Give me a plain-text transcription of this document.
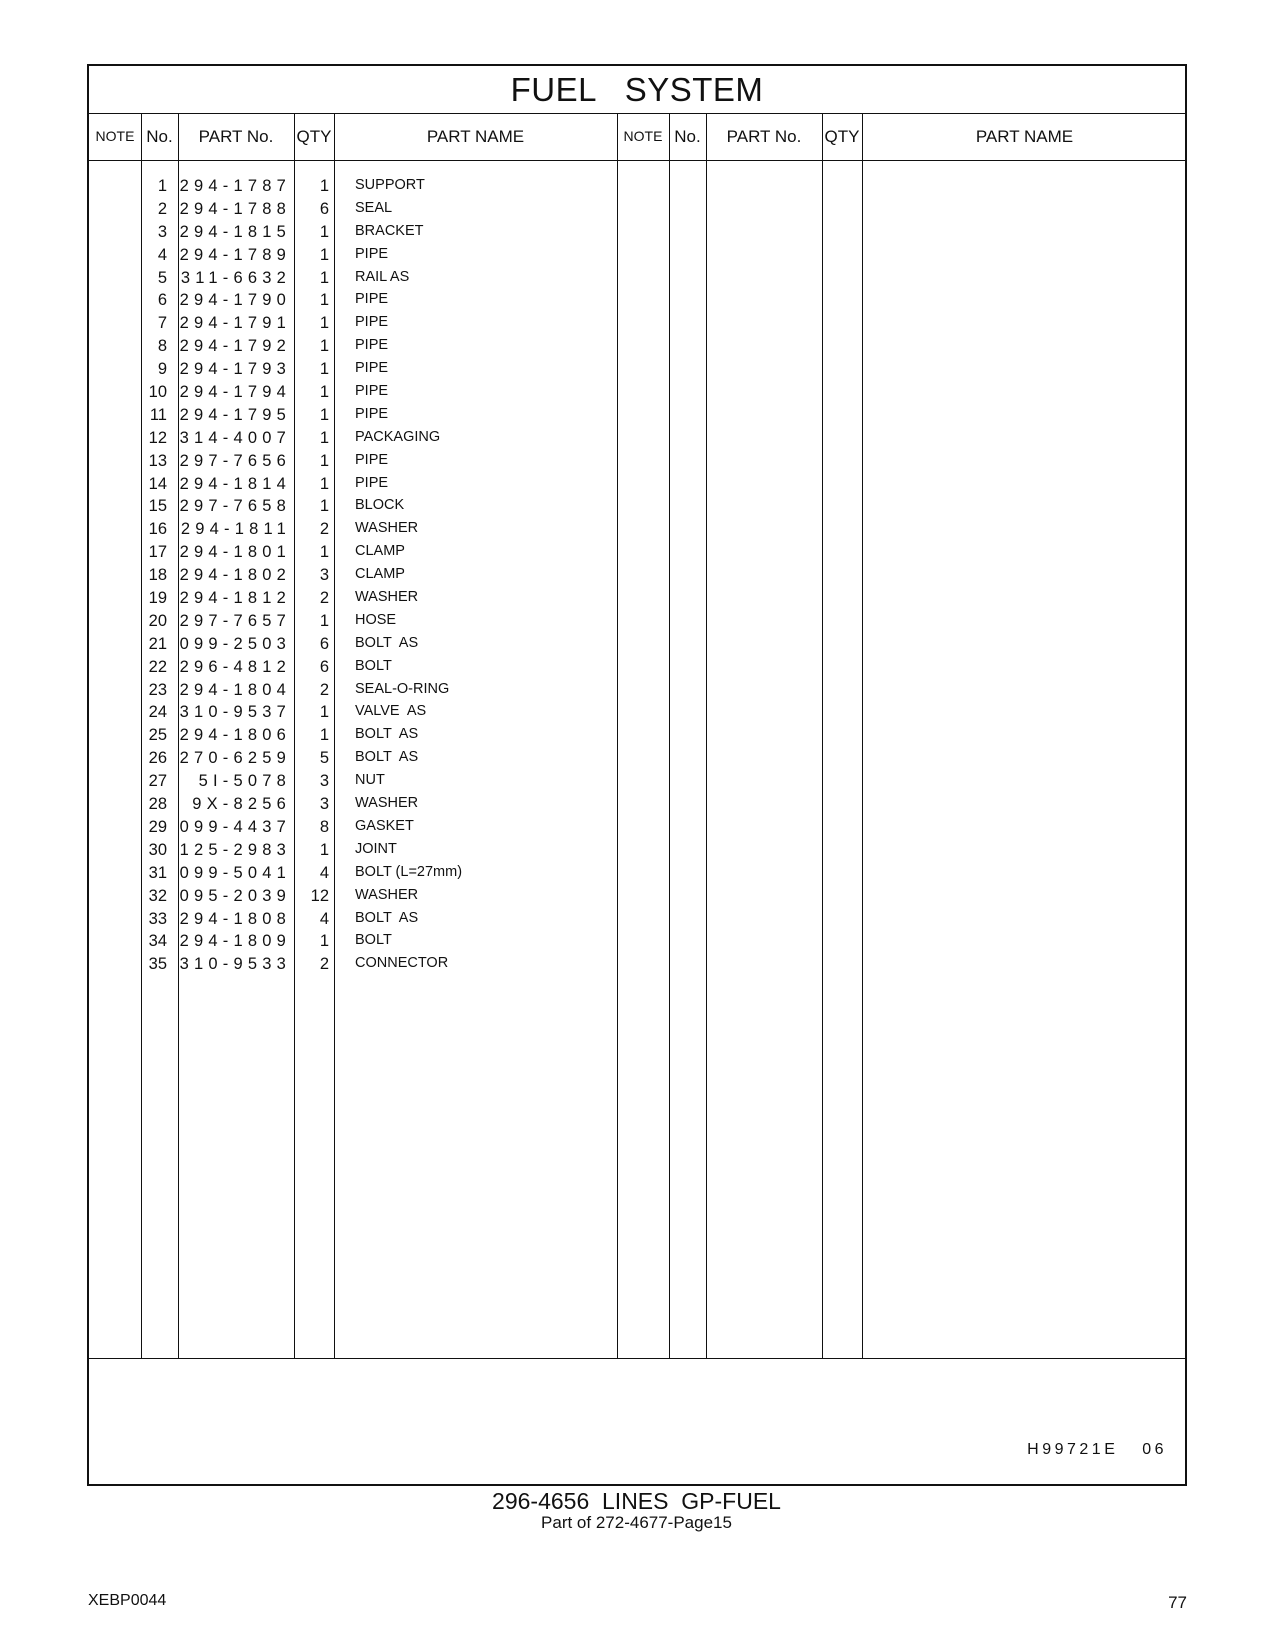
FUEL   SYSTEM
NOTE No.	PART No.	QTY	PART NAME	NOTE No.	PART No.	QTY	PART NAME
1 294-1787	1 SUPPORT
2 294-1788	6 SEAL
3 294-1815	1 BRACKET
4 294-1789	1 PIPE
5 311-6632	1 RAIL AS
6 294-1790	1 PIPE
7 294-1791	1 PIPE
8 294-1792	1 PIPE
9 294-1793	1 PIPE
10 294-1794	1 PIPE
11 294-1795	1 PIPE
12 314-4007	1 PACKAGING
13 297-7656	1 PIPE
14 294-1814	1 PIPE
15 297-7658	1 BLOCK
16 294-1811	2 WASHER
17 294-1801	1 CLAMP
18 294-1802	3 CLAMP
19 294-1812	2 WASHER
20 297-7657	1 HOSE
21 099-2503	6 BOLT  AS
22 296-4812	6 BOLT
23 294-1804	2 SEAL-O-RING
24 310-9537	1 VALVE  AS
25 294-1806	1 BOLT  AS
26 270-6259	5 BOLT  AS
27	5I-5078	3 NUT
28	9X-8256	3 WASHER
29 099-4437	8 GASKET
30 125-2983	1 JOINT
31 099-5041	4 BOLT (L=27mm)
32 095-2039	12 WASHER
33 294-1808	4 BOLT  AS
34 294-1809	1 BOLT
35 310-9533	2 CONNECTOR
H99721E   06
296-4656  LINES  GP-FUEL
Part of 272-4677-Page15
XEBP0044	77
